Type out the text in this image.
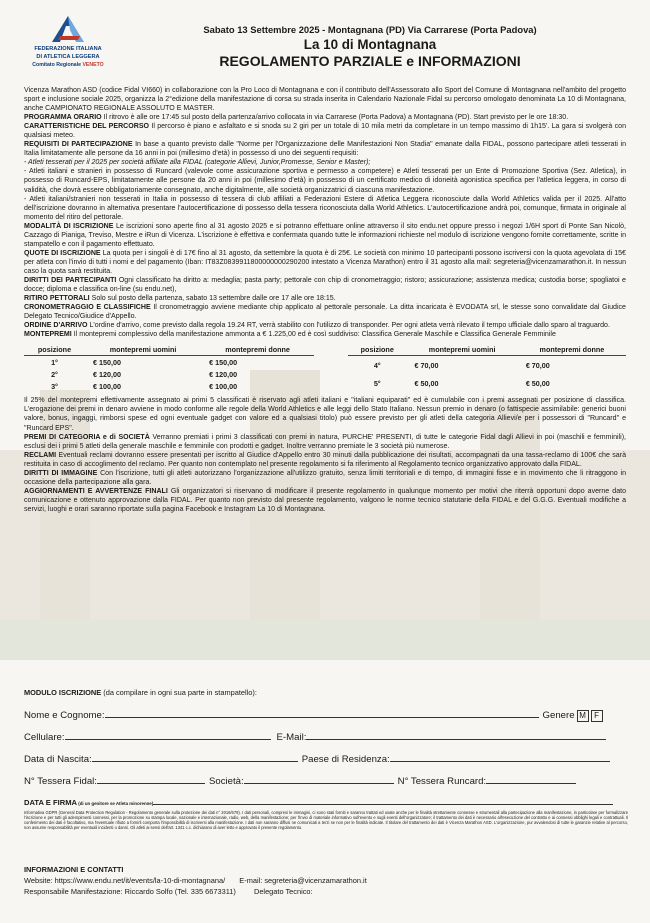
FEDERAZIONE ITALIANA
DI ATLETICA LEGGERA
Comitato Regionale VENETO
Sabato 13 Settembre 2025 - Montagnana (PD) Via Carrarese (Porta Padova)
La 10 di Montagnana
REGOLAMENTO PARZIALE e INFORMAZIONI

Vicenza Marathon ASD (codice Fidal VI660) in collaborazione con la Pro Loco di Montagnana e con il contributo dell'Assessorato allo Sport del Comune di Montagnana nell'ambito del progetto sport e inclusione sociale 2025, organizza la 2°edizione della manifestazione di corsa su strada inserita in Calendario Nazionale Fidal su percorso omologato denominata La 10 di Montagnana, anche CAMPIONATO REGIONALE ASSOLUTO E MASTER.

PROGRAMMA ORARIO Il ritrovo è alle ore 17:45 sul posto della partenza/arrivo collocata in via Carrarese (Porta Padova) a Montagnana (PD). Start previsto per le ore 18:30.

CARATTERISTICHE DEL PERCORSO Il percorso è piano e asfaltato e si snoda su 2 giri per un totale di 10 mila metri da completare in un tempo massimo di 1h15'. La gara si svolgerà con qualsiasi meteo.

REQUISITI DI PARTECIPAZIONE In base a quanto previsto dalle "Norme per l'Organizzazione delle Manifestazioni Non Stadia" emanate dalla FIDAL, possono partecipare atleti tesserati in Italia limitatamente alle persone da 16 anni in poi (millesimo d'età) in possesso di uno dei seguenti requisiti:

- Atleti tesserati per il 2025 per società affiliate alla FIDAL (categorie Allievi, Junior,Promesse, Senior e Master);

- Atleti italiani e stranieri in possesso di Runcard (valevole come assicurazione sportiva e permesso a competere) e Atleti tesserati per un Ente di Promozione Sportiva (Sez. Atletica), in possesso di Runcard-EPS, limitatamente alle persone da 20 anni in poi (millesimo d'età) in possesso di un certificato medico di idoneità agonistica specifica per l'atletica leggera, in corso di validità, che dovrà essere obbligatoriamente consegnato, anche digitalmente, alle società organizzatrici di ciascuna manifestazione.

- Atleti italiani/stranieri non tesserati in Italia in possesso di tessera di club affiliati a Federazioni Estere di Atletica Leggera riconosciute dalla World Athletics valida per il 2025. All'atto dell'iscrizione dovranno in alternativa presentare l'autocertificazione di possesso della tessera riconosciuta dalla World Athletics. L'autocertificazione andrà poi, comunque, firmata in originale al momento del ritiro del pettorale.

MODALITÀ DI ISCRIZIONE Le iscrizioni sono aperte fino al 31 agosto 2025 e si potranno effettuare online attraverso il sito endu.net oppure presso i negozi 1/6H sport di Ponte San Nicolò, Cazzago di Pianiga, Treviso, Mestre e iRun di Vicenza. L'iscrizione è effettiva e confermata quando tutte le informazioni richieste nel modulo di iscrizione vengono fornite correttamente, scritte in stampatello e con il pagamento effettuato.

QUOTE DI ISCRIZIONE La quota per i singoli è di 17€ fino al 31 agosto, da settembre la quota è di 25€. Le società con minimo 10 partecipanti possono iscriversi con la quota agevolata di 15€ per atleta con l'invio di tutti i nomi e del pagamento (Iban: IT83Z0839911800000000290200 intestato a Vicenza Marathon) entro il 31 agosto alla mail: segreteria@vicenzamarathon.it. In nessun caso la quota sarà restituita.

DIRITTI DEI PARTECIPANTI Ogni classificato ha diritto a: medaglia; pasta party; pettorale con chip di cronometraggio; ristoro; assicurazione; assistenza medica; custodia borse; spogliatoi e docce; diploma e classifica on-line (su endu.net),

RITIRO PETTORALI Solo sul posto della partenza, sabato 13 settembre dalle ore 17 alle ore 18:15.

CRONOMETRAGGIO E CLASSIFICHE Il cronometraggio avviene mediante chip applicato al pettorale personale. La ditta incaricata è EVODATA srl, le stesse sono convalidate dal Giudice Delegato Tecnico/Giudice d'Appello.

ORDINE D'ARRIVO L'ordine d'arrivo, come previsto dalla regola 19.24 RT, verrà stabilito con l'utilizzo di transponder. Per ogni atleta verrà rilevato il tempo ufficiale dallo sparo al traguardo.

MONTEPREMI Il montepremi complessivo della manifestazione ammonta a € 1.225,00 ed è così suddiviso: Classifica Generale Maschile e Classifica Generale Femminile

posizione	montepremi uomini	montepremi donne
1°	€ 150,00	€ 150,00
2°	€ 120,00	€ 120,00
3°	€ 100,00	€ 100,00
posizione	montepremi uomini	montepremi donne
4°	€ 70,00	€ 70,00
5°	€ 50,00	€ 50,00

Il 25% del montepremi effettivamente assegnato ai primi 5 classificati è riservato agli atleti italiani e "italiani equiparati" ed è cumulabile con i premi assegnati per posizione di classifica. L'erogazione dei premi in denaro avviene in modo conforme alle regole della World Athletics e alle leggi dello Stato Italiano. Nessun premio in denaro (o fattispecie assimilabile: generici buoni valore, bonus, ingaggi, rimborsi spese ed ogni eventuale gadget con valore ed a qualsiasi titolo) può essere previsto per gli atleti della categoria Allievi/e per i possessori di "Runcard" e "Runcard EPS".

PREMI DI CATEGORIA e di SOCIETÀ Verranno premiati i primi 3 classificati con premi in natura, PURCHE' PRESENTI, di tutte le categorie Fidal dagli Allievi in poi (maschili e femminili), esclusi dei i primi 5 atleti della generale maschile e femminile con prodotti e gadget. Inoltre verranno premiate le 3 società più numerose.

RECLAMI Eventuali reclami dovranno essere presentati per iscritto al Giudice d'Appello entro 30 minuti dalla pubblicazione dei risultati, accompagnati da una tassa-reclamo di 100€ che sarà restituita in caso di accoglimento del reclamo. Per quanto non contemplato nel presente regolamento si fa riferimento al Regolamento tecnico organizzativo approvato dalla FIDAL.

DIRITTI DI IMMAGINE Con l'iscrizione, tutti gli atleti autorizzano l'organizzazione all'utilizzo gratuito, senza limiti territoriali e di tempo, di immagini fisse e in movimento che li ritraggono in occasione della partecipazione alla gara.

AGGIORNAMENTI E AVVERTENZE FINALI Gli organizzatori si riservano di modificare il presente regolamento in qualunque momento per motivi che riterrà opportuni dopo averne dato comunicazione e ottenuto approvazione dalla FIDAL. Per quanto non previsto dal presente regolamento, valgono le norme tecnico statutarie della FIDAL e del G.G.G. Eventuali modifiche a servizi, luoghi e orari saranno riportate sulla pagina Facebook e Instagram La 10 di Montagnana.

MODULO ISCRIZIONE (da compilare in ogni sua parte in stampatello):
Nome e Cognome:	Genere M F
Cellulare:	E-Mail:
Data di Nascita:	Paese di Residenza:
N° Tessera Fidal:	Società:	N° Tessera Runcard:
DATA E FIRMA (di un genitore se Atleta minorenne)
Informativa GDPR (General Data Protection Regulation - Regolamento generale sulla protezione dei dati n° 2016/679). I dati personali, compresi le immagini, ci sono stati forniti e saranno trattati ed usate anche per le finalità strettamente connesse e strumentali alla partecipazione alla manifestazione, in particolare per formalizzare l'iscrizione e per tutti gli adempimenti connessi, per la promozione su stampa locale, nazionale e internazionale, radio, web, della manifestazione; per l'invio di materiale informativo sull'evento e sugli eventi dell'organizzatore; il trattamento dei dati è necessario all'esecuzione del contratto e ai connessi obblighi legali e contrattuali. Il conferimento dei dati è facoltativo, ma l'eventuale rifiuto a fornirli comporta l'impossibilità di iscriversi alla manifestazione. I dati non saranno diffusi ne comunicati a terzi se non per le finalità indicate. Il titolare del trattamento dei dati è Vicenza Marathon ASD. L'organizzazione, pur avvalendosi di tutte le garanzie relative al percorso, non assume responsabilità per eventuali incidenti o danni. Gli atleti ai sensi dell'art. 1341 c.c. dichiarano di aver letto e approvato il presente regolamento.
INFORMAZIONI E CONTATTI
Website: https://www.endu.net/it/events/la-10-di-montagnana/ E-mail: segreteria@vicenzamarathon.it
Responsabile Manifestazione: Riccardo Solfo (Tel. 335 6673311) Delegato Tecnico:
